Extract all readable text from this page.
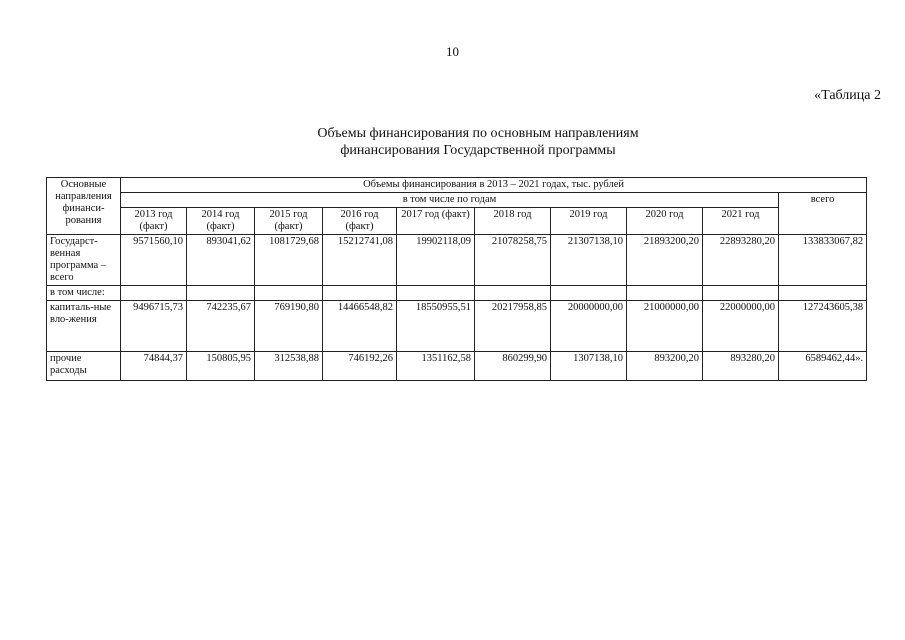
10
«Таблица 2
Объемы финансирования по основным направлениям
финансирования Государственной программы
Основные направления финанси-рования	Объемы финансирования в 2013 – 2021 годах, тыс. рублей									
	в том числе по годам									всего
	2013 год (факт)	2014 год (факт)	2015 год (факт)	2016 год (факт)	2017 год (факт)	2018 год	2019 год	2020 год	2021 год	
Государст-венная программа – всего	9571560,10	893041,62	1081729,68	15212741,08	19902118,09	21078258,75	21307138,10	21893200,20	22893280,20	133833067,82
в том числе:										
капиталь-ные вло-жения	9496715,73	742235,67	769190,80	14466548,82	18550955,51	20217958,85	20000000,00	21000000,00	22000000,00	127243605,38
прочие расходы	74844,37	150805,95	312538,88	746192,26	1351162,58	860299,90	1307138,10	893200,20	893280,20	6589462,44».
